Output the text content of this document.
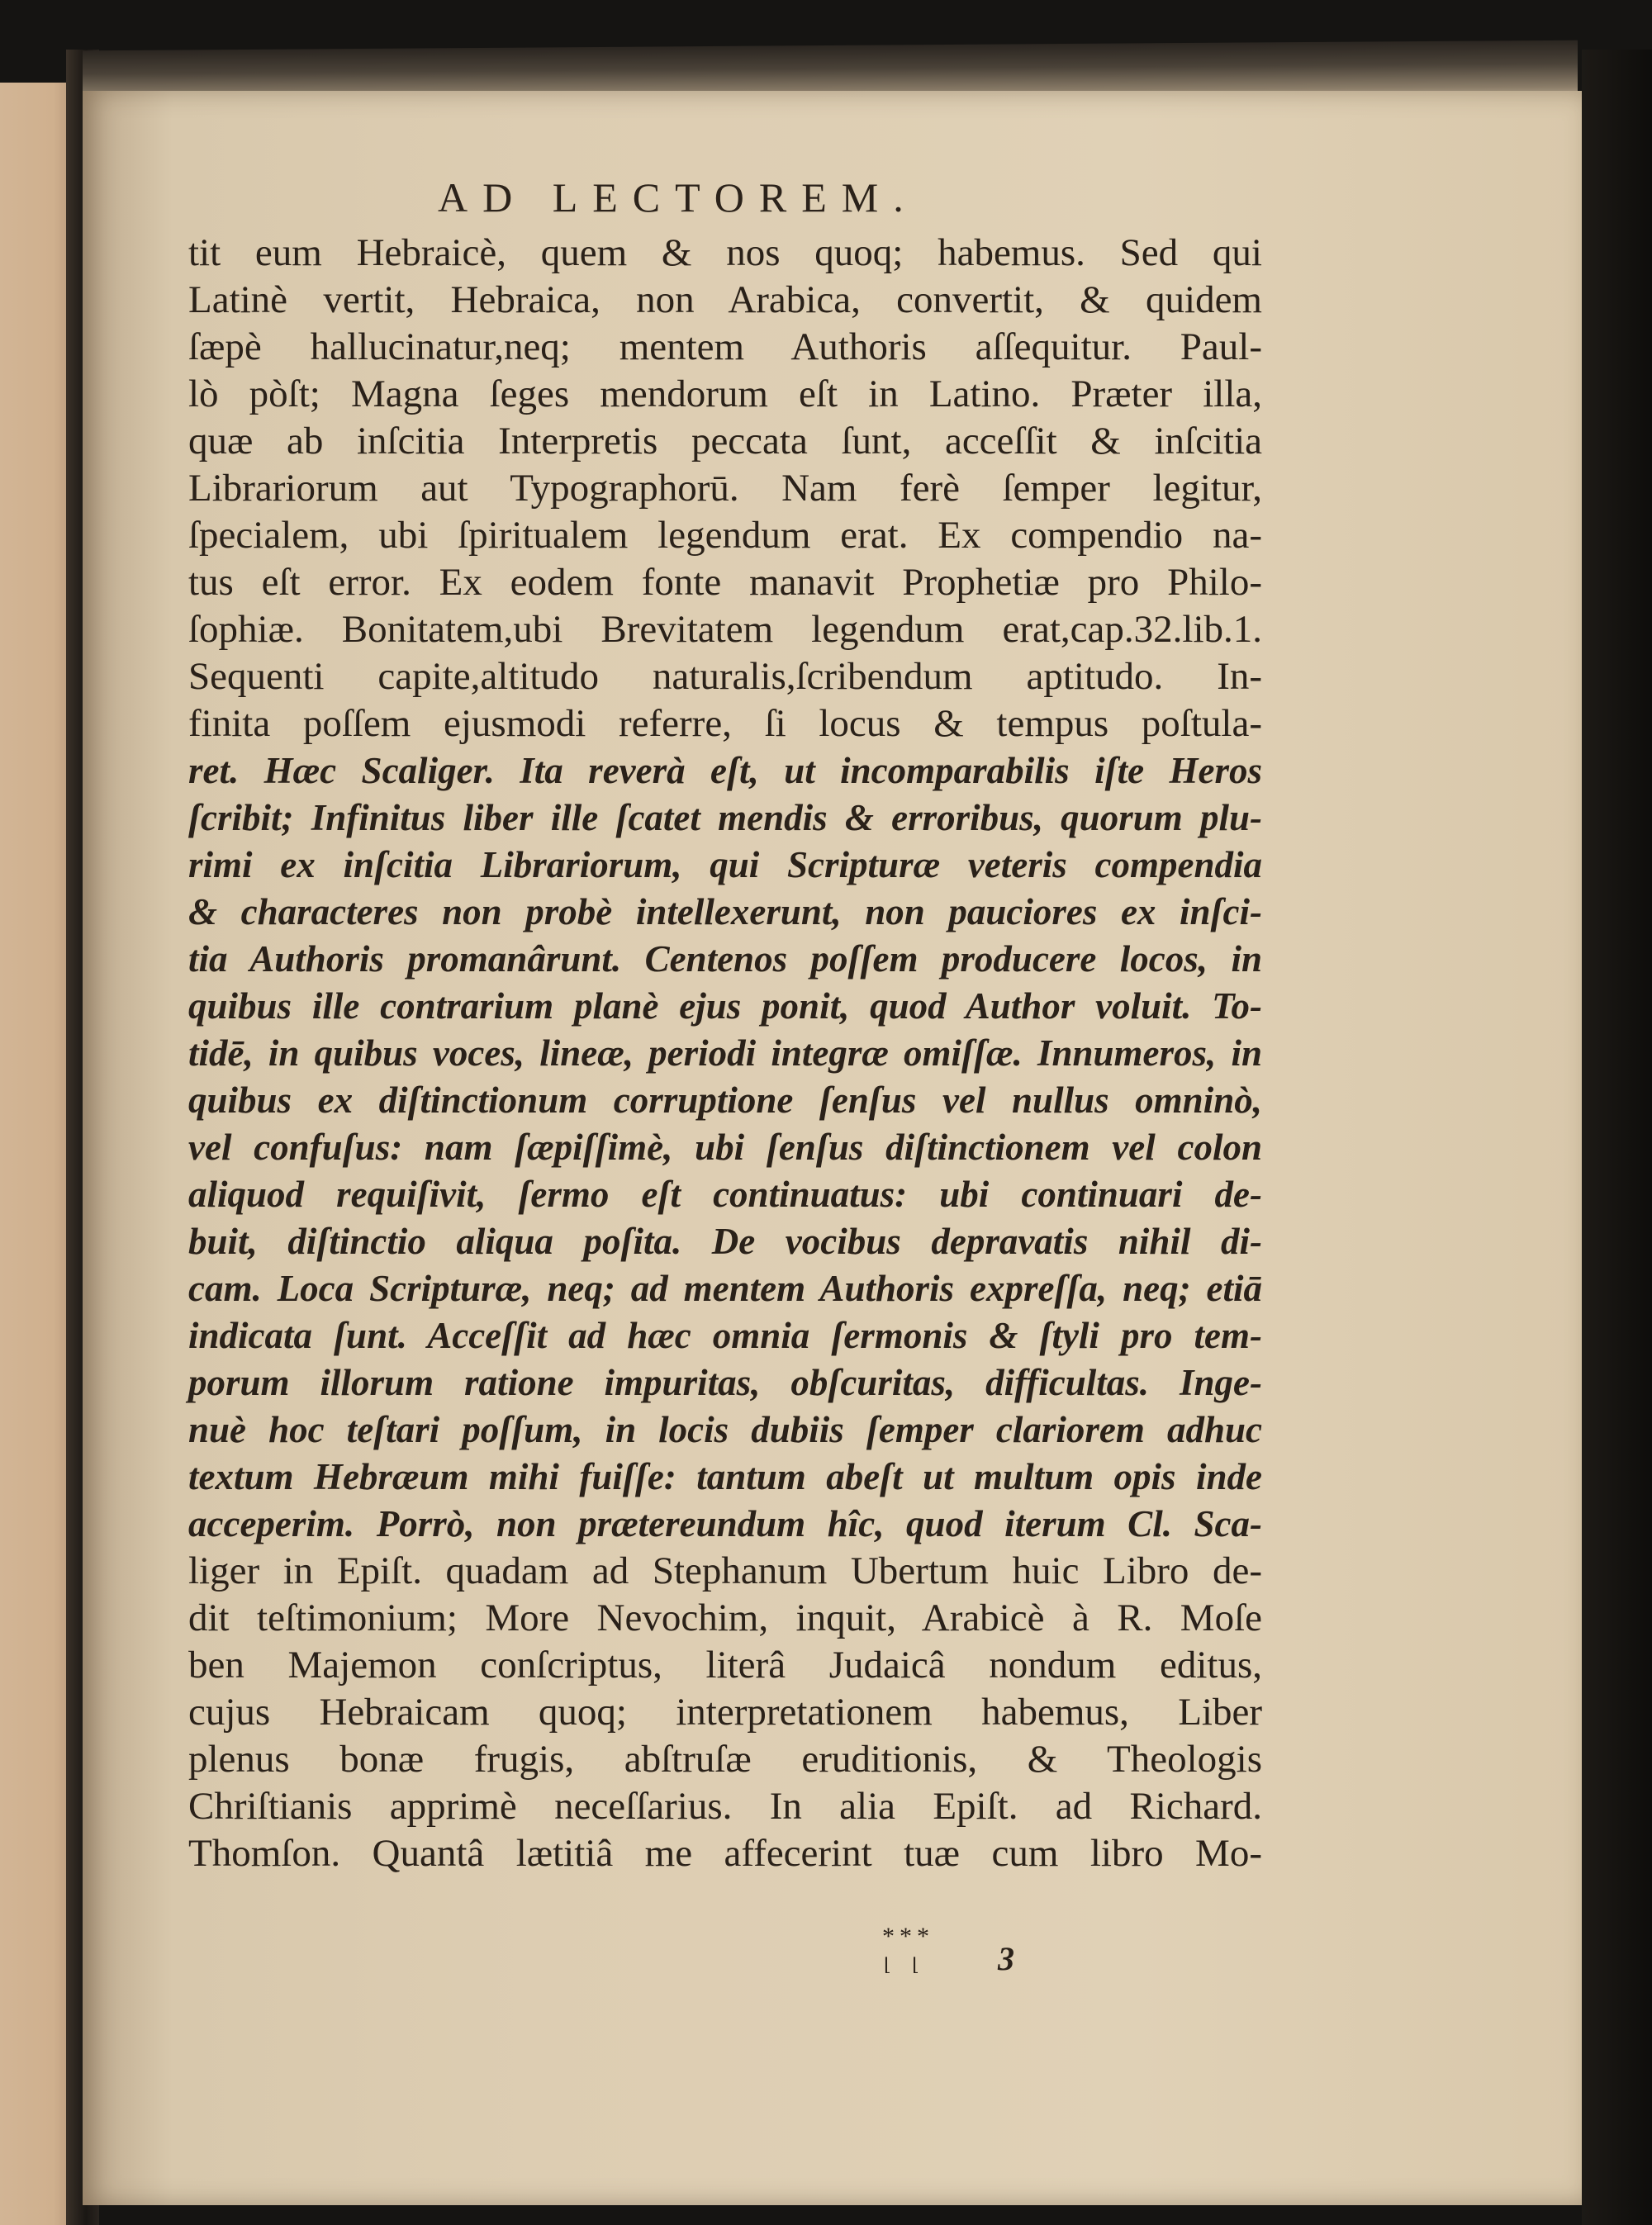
AD LECTOREM.
tit eum Hebraicè, quem & nos quoq; habemus. Sed qui
Latinè vertit, Hebraica, non Arabica, convertit, & quidem
ſæpè hallucinatur,neq; mentem Authoris aſſequitur. Paul-
lò pòſt; Magna ſeges mendorum eſt in Latino. Præter illa,
quæ ab inſcitia Interpretis peccata ſunt, acceſſit & inſcitia
Librariorum aut Typographorū. Nam ferè ſemper legitur,
ſpecialem, ubi ſpiritualem legendum erat. Ex compendio na-
tus eſt error. Ex eodem fonte manavit Prophetiæ pro Philo-
ſophiæ. Bonitatem,ubi Brevitatem legendum erat,cap.32.lib.1.
Sequenti capite,altitudo naturalis,ſcribendum aptitudo. In-
finita poſſem ejusmodi referre, ſi locus & tempus poſtula-
ret. Hæc Scaliger. Ita reverà eſt, ut incomparabilis iſte Heros
ſcribit; Infinitus liber ille ſcatet mendis & erroribus, quorum plu-
rimi ex inſcitia Librariorum, qui Scripturæ veteris compendia
& characteres non probè intellexerunt, non pauciores ex inſci-
tia Authoris promanârunt. Centenos poſſem producere locos, in
quibus ille contrarium planè ejus ponit, quod Author voluit. To-
tidē, in quibus voces, lineæ, periodi integræ omiſſæ. Innumeros, in
quibus ex diſtinctionum corruptione ſenſus vel nullus omninò,
vel confuſus: nam ſæpiſſimè, ubi ſenſus diſtinctionem vel colon
aliquod requiſivit, ſermo eſt continuatus: ubi continuari de-
buit, diſtinctio aliqua poſita. De vocibus depravatis nihil di-
cam. Loca Scripturæ, neq; ad mentem Authoris expreſſa, neq; etiā
indicata ſunt. Acceſſit ad hæc omnia ſermonis & ſtyli pro tem-
porum illorum ratione impuritas, obſcuritas, difficultas. Inge-
nuè hoc teſtari poſſum, in locis dubiis ſemper clariorem adhuc
textum Hebræum mihi fuiſſe: tantum abeſt ut multum opis inde
acceperim. Porrò, non prætereundum hîc, quod iterum Cl. Sca-
liger in Epiſt. quadam ad Stephanum Ubertum huic Libro de-
dit teſtimonium; More Nevochim, inquit, Arabicè à R. Moſe
ben Majemon conſcriptus, literâ Judaicâ nondum editus,
cujus Hebraicam quoq; interpretationem habemus, Liber
plenus bonæ frugis, abſtruſæ eruditionis, & Theologis
Chriſtianis apprimè neceſſarius. In alia Epiſt. ad Richard.
Thomſon. Quantâ lætitiâ me affecerint tuæ cum libro Mo-
***
⌊ ⌊ 3
